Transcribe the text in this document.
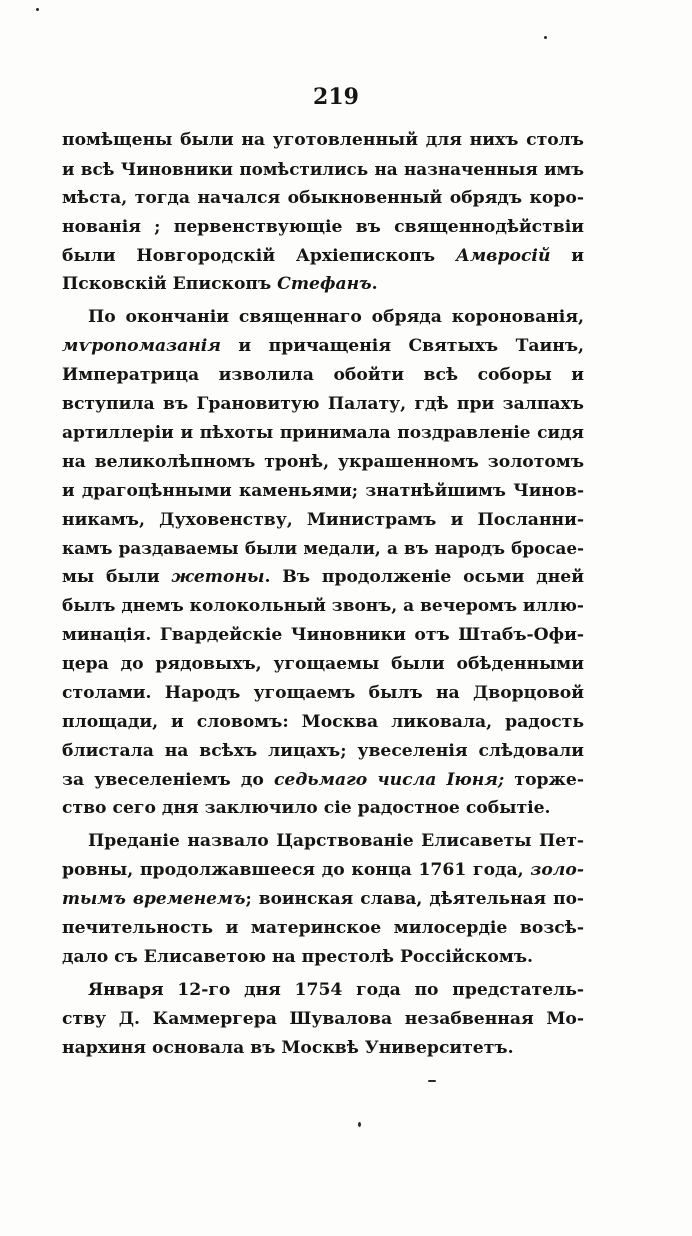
219
помѣщены были на уготовленный для нихъ столъ
и всѣ Чиновники помѣстились на назначенныя имъ
мѣста, тогда начался обыкновенный обрядъ коро-
нованія ; первенствующіе въ священнодѣйствіи
были Новгородскій Архіепископъ Амвросій и
Псковскій Епископъ Стефанъ.
По окончаніи священнаго обряда коронованія,
мѵропомазанія и причащенія Святыхъ Таинъ,
Императрица изволила обойти всѣ соборы и
вступила въ Грановитую Палату, гдѣ при залпахъ
артиллеріи и пѣхоты принимала поздравленіе сидя
на великолѣпномъ тронѣ, украшенномъ золотомъ
и драгоцѣнными каменьями; знатнѣйшимъ Чинов-
никамъ, Духовенству, Министрамъ и Посланни-
камъ раздаваемы были медали, а въ народъ бросае-
мы были жетоны. Въ продолженіе осьми дней
былъ днемъ колокольный звонъ, а вечеромъ иллю-
минація. Гвардейскіе Чиновники отъ Штабъ-Офи-
цера до рядовыхъ, угощаемы были обѣденными
столами. Народъ угощаемъ былъ на Дворцовой
площади, и словомъ: Москва ликовала, радость
блистала на всѣхъ лицахъ; увеселенія слѣдовали
за увеселеніемъ до седьмаго числа Іюня; торже-
ство сего дня заключило сіе радостное событіе.
Преданіе назвало Царствованіе Елисаветы Пет-
ровны, продолжавшееся до конца 1761 года, золо-
тымъ временемъ; воинская слава, дѣятельная по-
печительность и материнское милосердіе возсѣ-
дало съ Елисаветою на престолѣ Россійскомъ.
Января 12-го дня 1754 года по предстатель-
ству Д. Каммергера Шувалова незабвенная Мо-
нархиня основала въ Москвѣ Университетъ.
